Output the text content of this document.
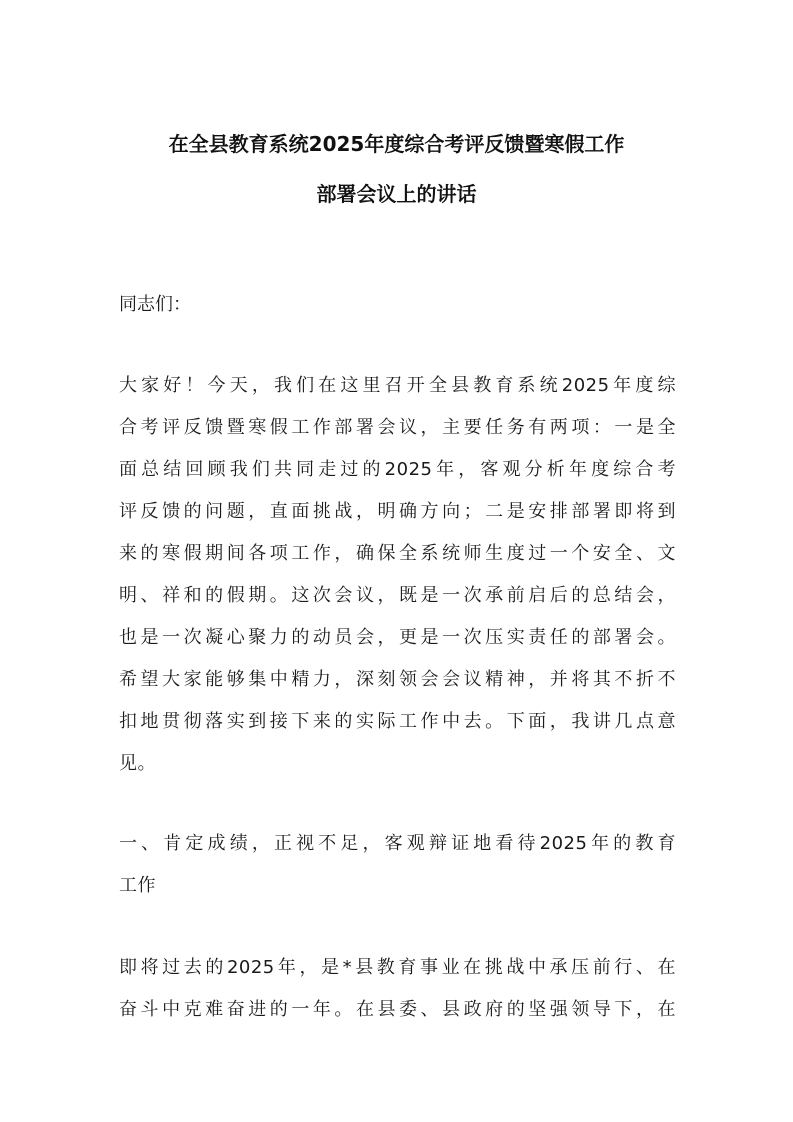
在全县教育系统2025年度综合考评反馈暨寒假工作
部署会议上的讲话
同志们：
大家好！今天，我们在这里召开全县教育系统2025年度综
合考评反馈暨寒假工作部署会议，主要任务有两项：一是全
面总结回顾我们共同走过的2025年，客观分析年度综合考
评反馈的问题，直面挑战，明确方向；二是安排部署即将到
来的寒假期间各项工作，确保全系统师生度过一个安全、文
明、祥和的假期。这次会议，既是一次承前启后的总结会，
也是一次凝心聚力的动员会，更是一次压实责任的部署会。
希望大家能够集中精力，深刻领会会议精神，并将其不折不
扣地贯彻落实到接下来的实际工作中去。下面，我讲几点意
见。
一、肯定成绩，正视不足，客观辩证地看待2025年的教育
工作
即将过去的2025年，是*县教育事业在挑战中承压前行、在
奋斗中克难奋进的一年。在县委、县政府的坚强领导下，在
